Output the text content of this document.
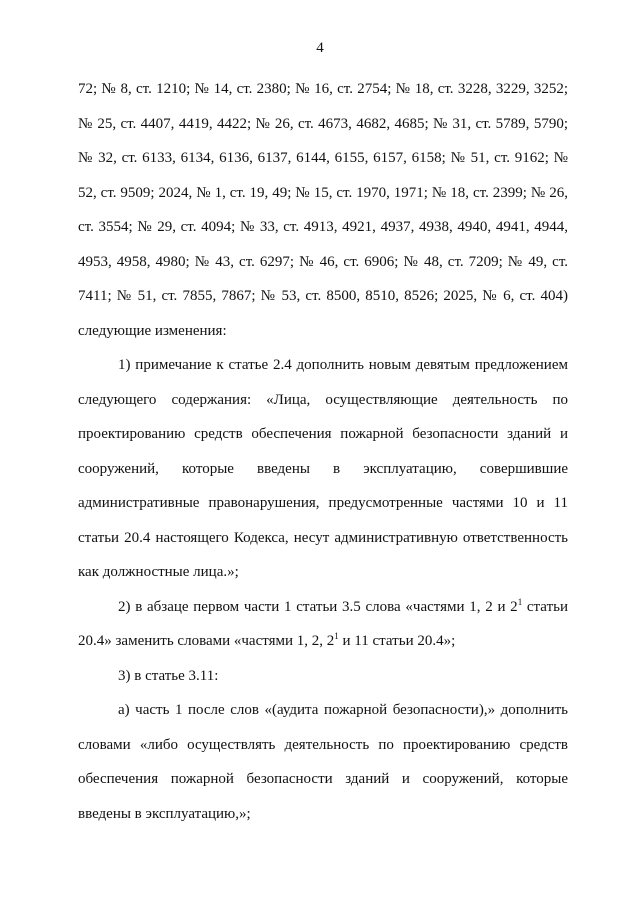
4

72; № 8, ст. 1210; № 14, ст. 2380; № 16, ст. 2754; № 18, ст. 3228, 3229, 3252; № 25, ст. 4407, 4419, 4422; № 26, ст. 4673, 4682, 4685; № 31, ст. 5789, 5790; № 32, ст. 6133, 6134, 6136, 6137, 6144, 6155, 6157, 6158; № 51, ст. 9162; № 52, ст. 9509; 2024, № 1, ст. 19, 49; № 15, ст. 1970, 1971; № 18, ст. 2399; № 26, ст. 3554; № 29, ст. 4094; № 33, ст. 4913, 4921, 4937, 4938, 4940, 4941, 4944, 4953, 4958, 4980; № 43, ст. 6297; № 46, ст. 6906; № 48, ст. 7209; № 49, ст. 7411; № 51, ст. 7855, 7867; № 53, ст. 8500, 8510, 8526; 2025, № 6, ст. 404) следующие изменения:

1) примечание к статье 2.4 дополнить новым девятым предложением следующего содержания: «Лица, осуществляющие деятельность по проектированию средств обеспечения пожарной безопасности зданий и сооружений, которые введены в эксплуатацию, совершившие административные правонарушения, предусмотренные частями 10 и 11 статьи 20.4 настоящего Кодекса, несут административную ответственность как должностные лица.»;

2) в абзаце первом части 1 статьи 3.5 слова «частями 1, 2 и $2^1$ статьи 20.4» заменить словами «частями 1, 2, $2^1$ и 11 статьи 20.4»;

3) в статье 3.11:

а) часть 1 после слов «(аудита пожарной безопасности),» дополнить словами «либо осуществлять деятельность по проектированию средств обеспечения пожарной безопасности зданий и сооружений, которые введены в эксплуатацию,»;
